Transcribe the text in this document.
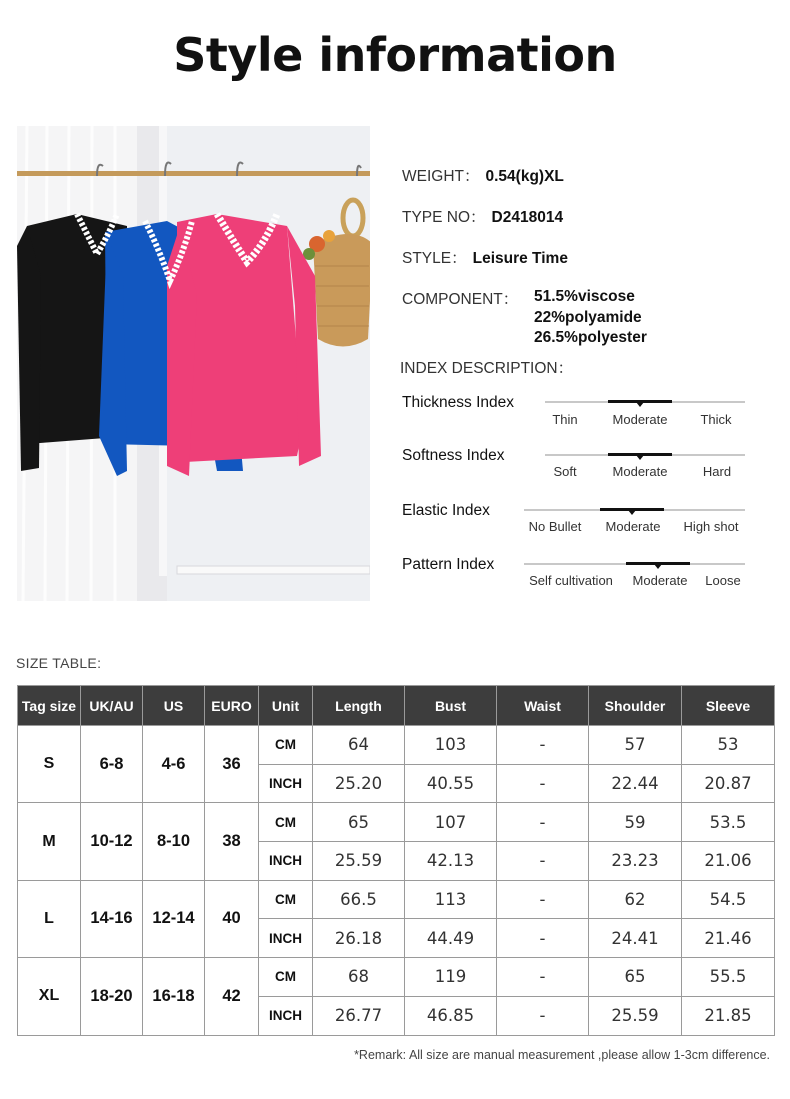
Style information
WEIGHT： 0.54(kg)XL
TYPE NO： D2418014
STYLE： Leisure Time
COMPONENT： 51.5%viscose
22%polyamide
26.5%polyester
INDEX DESCRIPTION：
Thickness Index
Thin	Moderate	Thick
Softness Index
Soft	Moderate	Hard
Elastic Index
No Bullet Moderate High shot
Pattern Index
Self cultivation Moderate Loose
SIZE TABLE:
Tag size	UK/AU	US	EURO	Unit	Length	Bust	Waist	Shoulder	Sleeve
S	6-8	4-6	36	CM	64	103	-	57	53
				INCH	25.20	40.55	-	22.44	20.87
M	10-12	8-10	38	CM	65	107	-	59	53.5
				INCH	25.59	42.13	-	23.23	21.06
L	14-16	12-14	40	CM	66.5	113	-	62	54.5
				INCH	26.18	44.49	-	24.41	21.46
XL	18-20	16-18	42	CM	68	119	-	65	55.5
				INCH	26.77	46.85	-	25.59	21.85
*Remark: All size are manual measurement ,please allow 1-3cm difference.
